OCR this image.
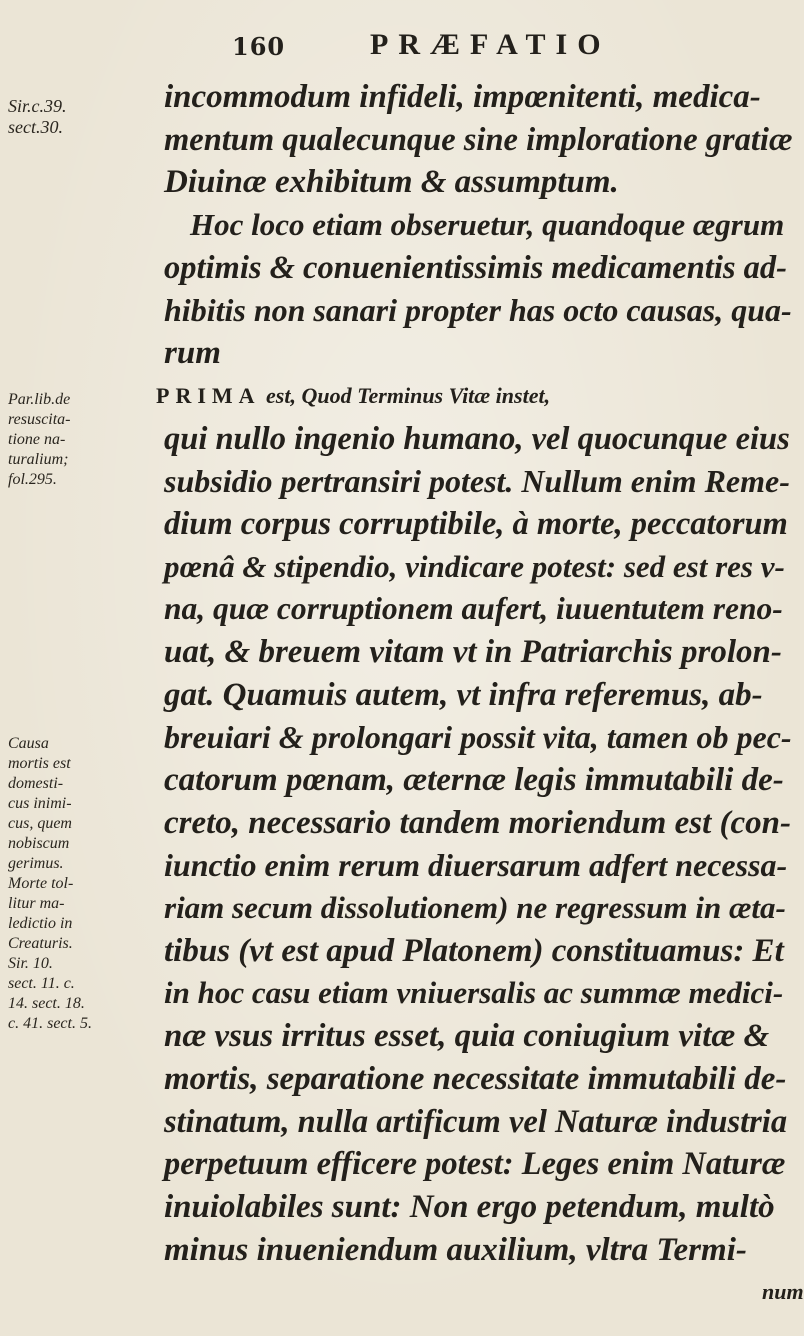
160	PRÆFATIO
Sir.c.39.
sect.30.
Par.lib.de
resuscita-
tione na-
turalium;
fol.295.
Causa
mortis est
domesti-
cus inimi-
cus, quem
nobiscum
gerimus.
Morte tol-
litur ma-
ledictio in
Creaturis.
Sir. 10.
sect. 11. c.
14. sect. 18.
c. 41. sect. 5.
incommodum infideli, impœnitenti, medica-
mentum qualecunque sine imploratione gratiæ
Diuinæ exhibitum & assumptum.
Hoc loco etiam obseruetur, quandoque ægrum
optimis & conuenientissimis medicamentis ad-
hibitis non sanari propter has octo causas, qua-
rum
PRIMA est, Quod Terminus Vitæ instet,
qui nullo ingenio humano, vel quocunque eius
subsidio pertransiri potest. Nullum enim Reme-
dium corpus corruptibile, à morte, peccatorum
pœnâ & stipendio, vindicare potest: sed est res v-
na, quæ corruptionem aufert, iuuentutem reno-
uat, & breuem vitam vt in Patriarchis prolon-
gat. Quamuis autem, vt infra referemus, ab-
breuiari & prolongari possit vita, tamen ob pec-
catorum pœnam, æternæ legis immutabili de-
creto, necessario tandem moriendum est (con-
iunctio enim rerum diuersarum adfert necessa-
riam secum dissolutionem) ne regressum in æta-
tibus (vt est apud Platonem) constituamus: Et
in hoc casu etiam vniuersalis ac summæ medici-
næ vsus irritus esset, quia coniugium vitæ &
mortis, separatione necessitate immutabili de-
stinatum, nulla artificum vel Naturæ industria
perpetuum efficere potest: Leges enim Naturæ
inuiolabiles sunt: Non ergo petendum, multò
minus inueniendum auxilium, vltra Termi-
num
